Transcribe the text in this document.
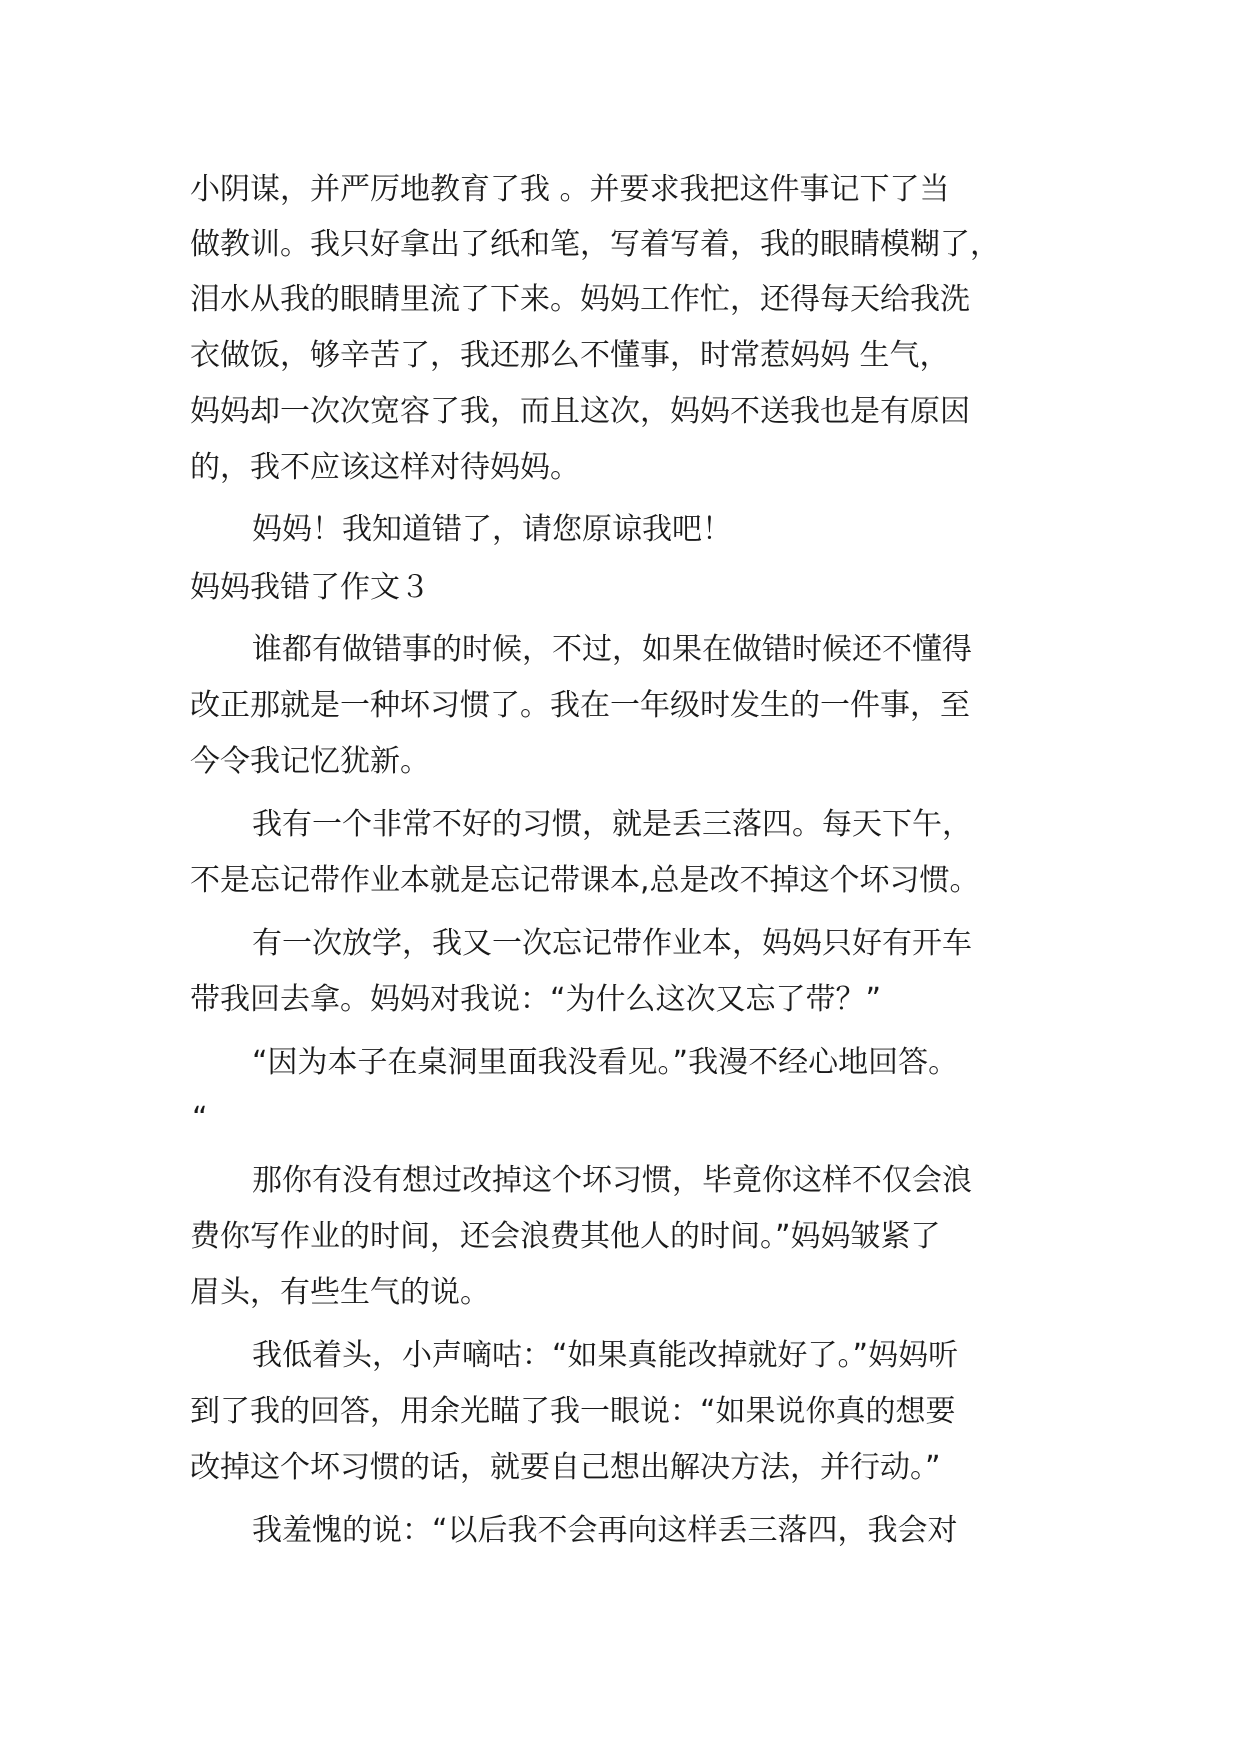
小阴谋，并严厉地教育了我 。并要求我把这件事记下了当

做教训。我只好拿出了纸和笔，写着写着，我的眼睛模糊了，

泪水从我的眼睛里流了下来。妈妈工作忙，还得每天给我洗

衣做饭，够辛苦了，我还那么不懂事，时常惹妈妈 生气，

妈妈却一次次宽容了我，而且这次，妈妈不送我也是有原因

的，我不应该这样对待妈妈。

妈妈！我知道错了，请您原谅我吧！

妈妈我错了作文３

谁都有做错事的时候，不过，如果在做错时候还不懂得

改正那就是一种坏习惯了。我在一年级时发生的一件事，至

今令我记忆犹新。

我有一个非常不好的习惯，就是丢三落四。每天下午，

不是忘记带作业本就是忘记带课本,总是改不掉这个坏习惯。

有一次放学，我又一次忘记带作业本，妈妈只好有开车

带我回去拿。妈妈对我说：“为什么这次又忘了带？”

“因为本子在桌洞里面我没看见。”我漫不经心地回答。

“

那你有没有想过改掉这个坏习惯，毕竟你这样不仅会浪

费你写作业的时间，还会浪费其他人的时间。”妈妈皱紧了

眉头，有些生气的说。

我低着头，小声嘀咕：“如果真能改掉就好了。”妈妈听

到了我的回答，用余光瞄了我一眼说：“如果说你真的想要

改掉这个坏习惯的话，就要自己想出解决方法，并行动。”

我羞愧的说：“以后我不会再向这样丢三落四，我会对
